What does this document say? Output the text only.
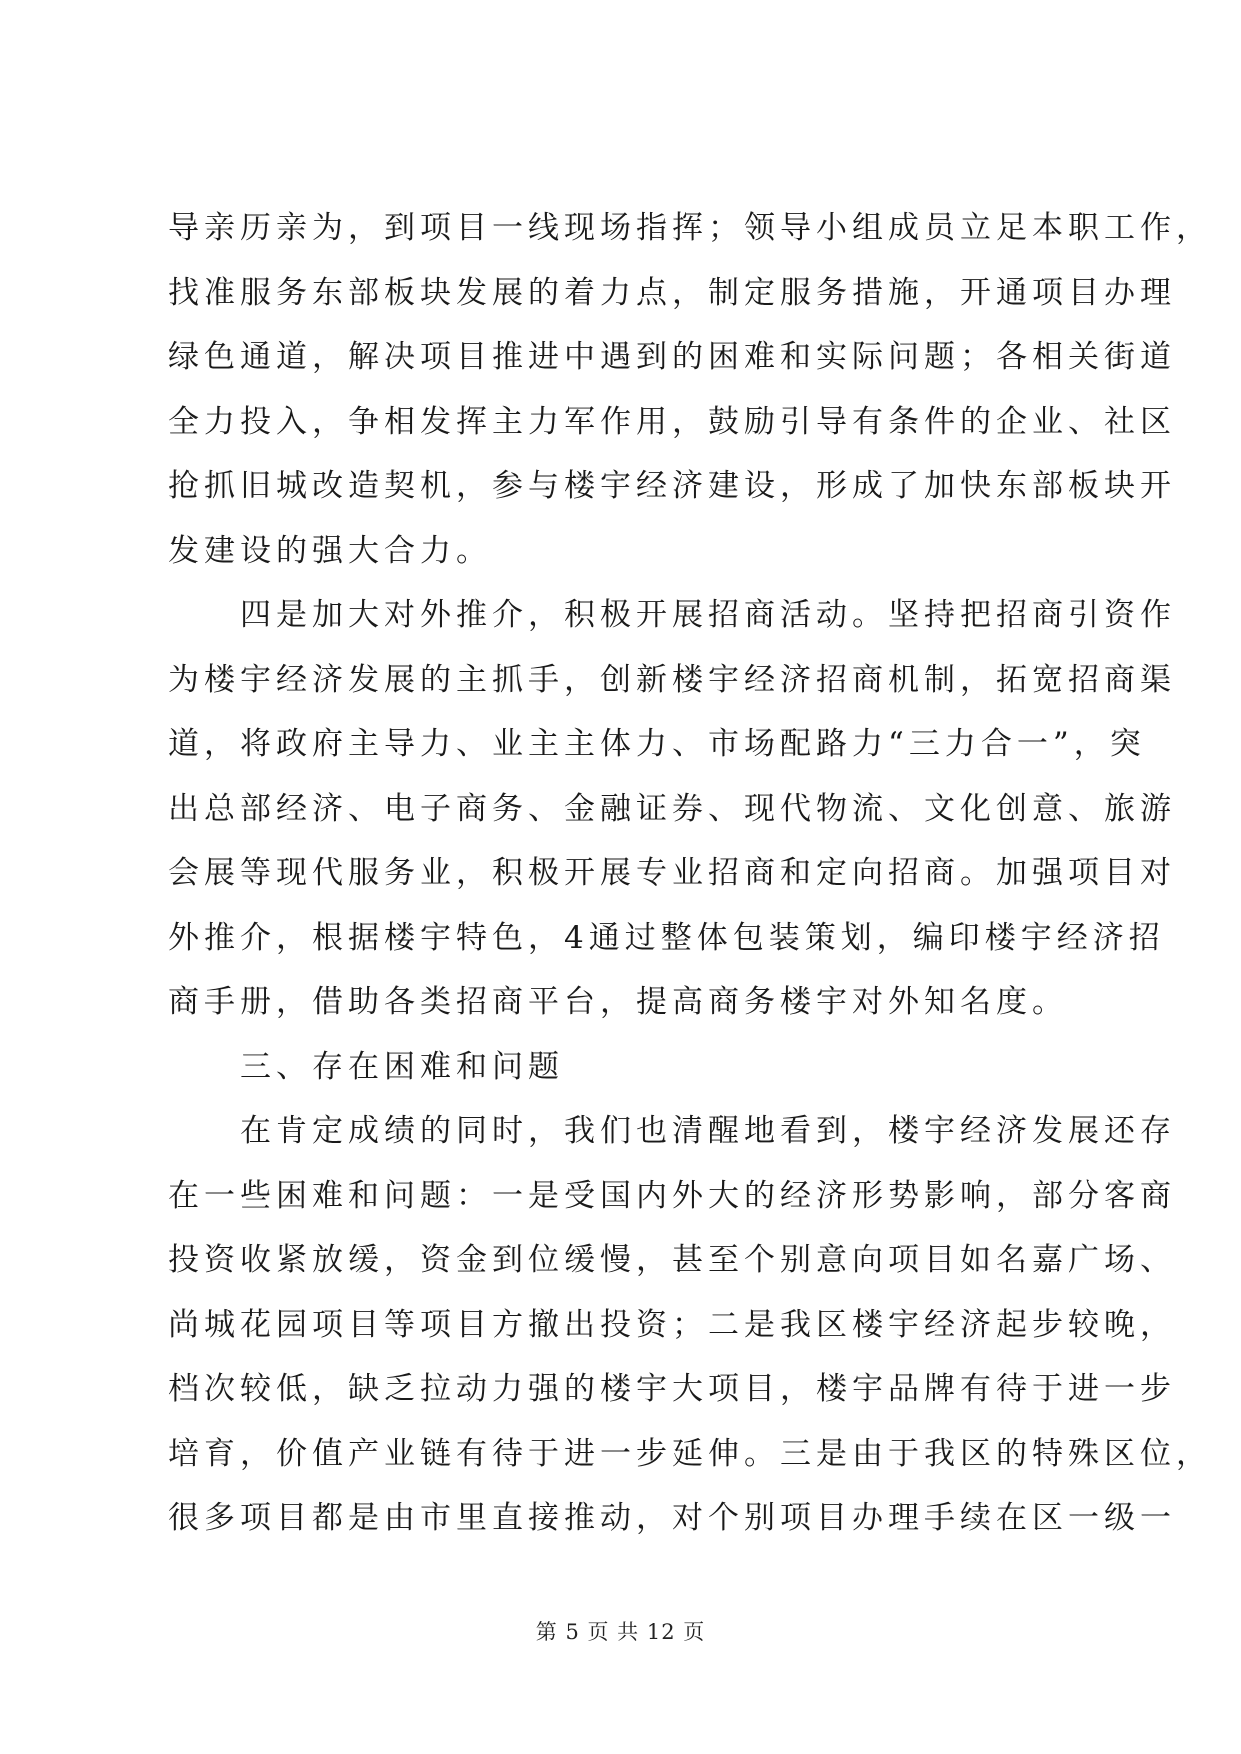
导亲历亲为，到项目一线现场指挥；领导小组成员立足本职工作，
找准服务东部板块发展的着力点，制定服务措施，开通项目办理
绿色通道，解决项目推进中遇到的困难和实际问题；各相关街道
全力投入，争相发挥主力军作用，鼓励引导有条件的企业、社区
抢抓旧城改造契机，参与楼宇经济建设，形成了加快东部板块开
发建设的强大合力。
　　四是加大对外推介，积极开展招商活动。坚持把招商引资作
为楼宇经济发展的主抓手，创新楼宇经济招商机制，拓宽招商渠
道，将政府主导力、业主主体力、市场配路力“三力合一”，突
出总部经济、电子商务、金融证券、现代物流、文化创意、旅游
会展等现代服务业，积极开展专业招商和定向招商。加强项目对
外推介，根据楼宇特色，4通过整体包装策划，编印楼宇经济招
商手册，借助各类招商平台，提高商务楼宇对外知名度。
　　三、存在困难和问题
　　在肯定成绩的同时，我们也清醒地看到，楼宇经济发展还存
在一些困难和问题：一是受国内外大的经济形势影响，部分客商
投资收紧放缓，资金到位缓慢，甚至个别意向项目如名嘉广场、
尚城花园项目等项目方撤出投资；二是我区楼宇经济起步较晚，
档次较低，缺乏拉动力强的楼宇大项目，楼宇品牌有待于进一步
培育，价值产业链有待于进一步延伸。三是由于我区的特殊区位，
很多项目都是由市里直接推动，对个别项目办理手续在区一级一
第 5 页 共 12 页
